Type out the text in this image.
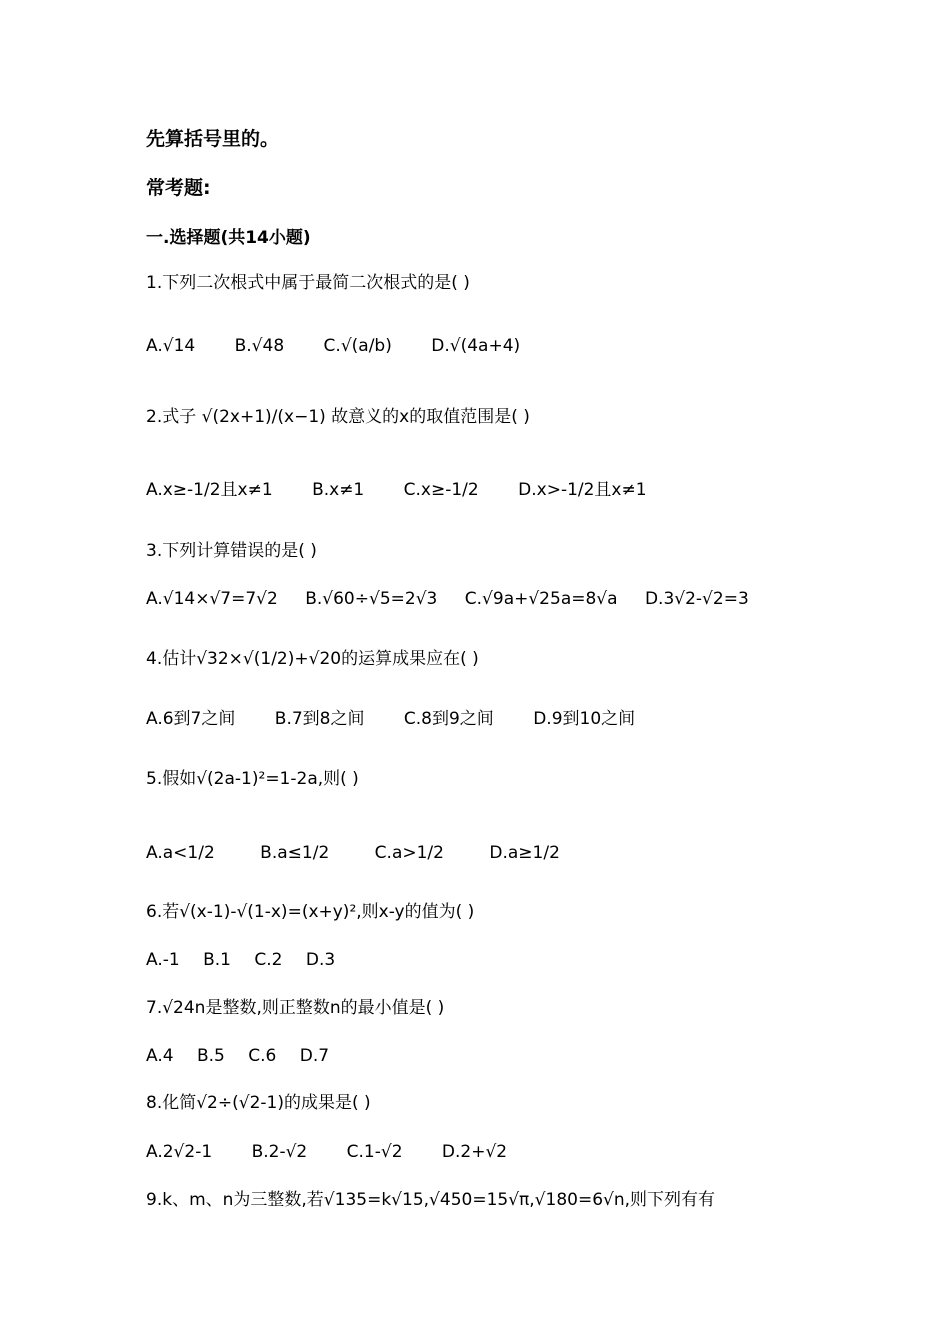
先算括号里的。
常考题:
一.选择题(共14小题)
1.下列二次根式中属于最简二次根式的是( )
A.√14 B.√48 C.√(a/b) D.√(4a+4)
2.式子 √(2x+1)/(x−1) 故意义的x的取值范围是( )
A.x≥-1/2且x≠1 B.x≠1 C.x≥-1/2 D.x>-1/2且x≠1
3.下列计算错误的是( )
A.√14×√7=7√2 B.√60÷√5=2√3 C.√9a+√25a=8√a D.3√2-√2=3
4.估计√32×√(1/2)+√20的运算成果应在( )
A.6到7之间 B.7到8之间 C.8到9之间 D.9到10之间
5.假如√(2a-1)²=1-2a,则( )
A.a<1/2	B.a≤1/2	C.a>1/2	D.a≥1/2
6.若√(x-1)-√(1-x)=(x+y)²,则x-y的值为( )
A.-1 B.1 C.2 D.3
7.√24n是整数,则正整数n的最小值是( )
A.4 B.5 C.6 D.7
8.化简√2÷(√2-1)的成果是( )
A.2√2-1 B.2-√2 C.1-√2 D.2+√2
9.k、m、n为三整数,若√135=k√15,√450=15√π,√180=6√n,则下列有有
